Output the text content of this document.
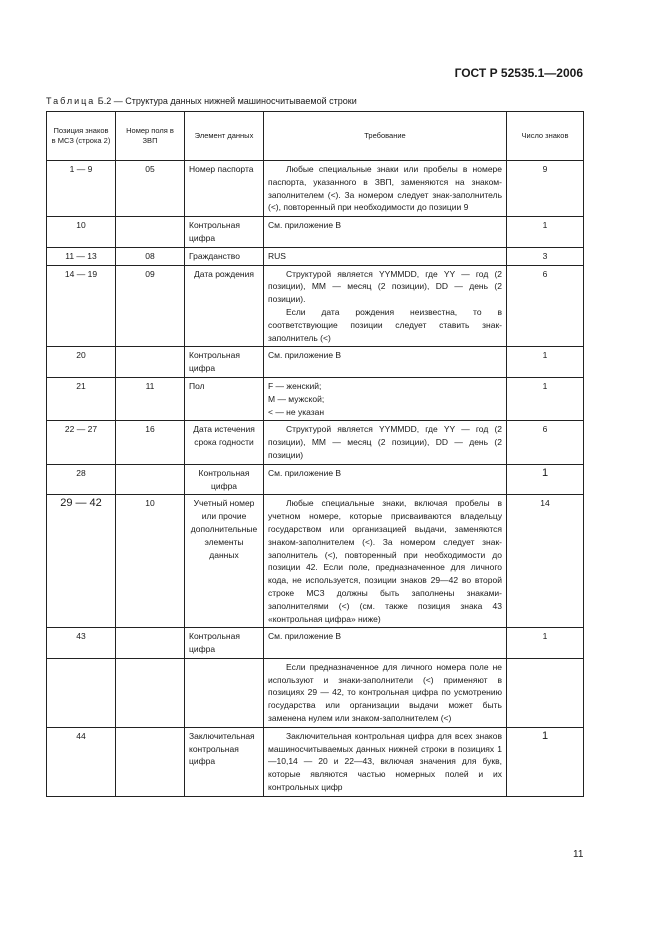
ГОСТ Р 52535.1—2006
Таблица Б.2 — Структура данных нижней машиносчитываемой строки
Позиция знаков в МСЗ (строка 2)	Номер поля в ЗВП	Элемент данных	Требование	Число знаков
1 — 9	05	Номер паспорта	Любые специальные знаки или пробелы в номере паспорта, указанного в ЗВП, заменяются на знаком-заполнителем (<). За номером следует знак-заполнитель (<), повторенный при необходимости до позиции 9	9
10		Контрольная цифра	См. приложение В	1
11 — 13	08	Гражданство	RUS	3
14 — 19	09	Дата рождения	Структурой является YYMMDD, где YY — год (2 позиции), MM — месяц (2 позиции), DD — день (2 позиции).
Если дата рождения неизвестна, то в соответствующие позиции следует ставить знак-заполнитель (<)	6
20		Контрольная цифра	См. приложение В	1
21	11	Пол	F — женский;
M — мужской;
< — не указан	1
22 — 27	16	Дата истечения срока годности	Структурой является YYMMDD, где YY — год (2 позиции), MM — месяц (2 позиции), DD — день (2 позиции)	6
28		Контрольная цифра	См. приложение В	1
29 — 42	10	Учетный номер или прочие дополнительные элементы данных	Любые специальные знаки, включая пробелы в учетном номере, которые присваиваются владельцу государством или организацией выдачи, заменяются знаком-заполнителем (<). За номером следует знак-заполнитель (<), повторенный при необходимости до позиции 42. Если поле, предназначенное для личного кода, не используется, позиции знаков 29—42 во второй строке МСЗ должны быть заполнены знаками-заполнителями (<) (см. также позиция знака 43 «контрольная цифра» ниже)	14
43		Контрольная цифра	См. приложение В	1

			Если предназначенное для личного номера поле не используют и знаки-заполнители (<) применяют в позициях 29 — 42, то контрольная цифра по усмотрению государства или организации выдачи может быть заменена нулем или знаком-заполнителем (<)	

44		Заключительная контрольная цифра	Заключительная контрольная цифра для всех знаков машиносчитываемых данных нижней строки в позициях 1—10,14 — 20 и 22—43, включая значения для букв, которые являются частью номерных полей и их контрольных цифр	1
11
